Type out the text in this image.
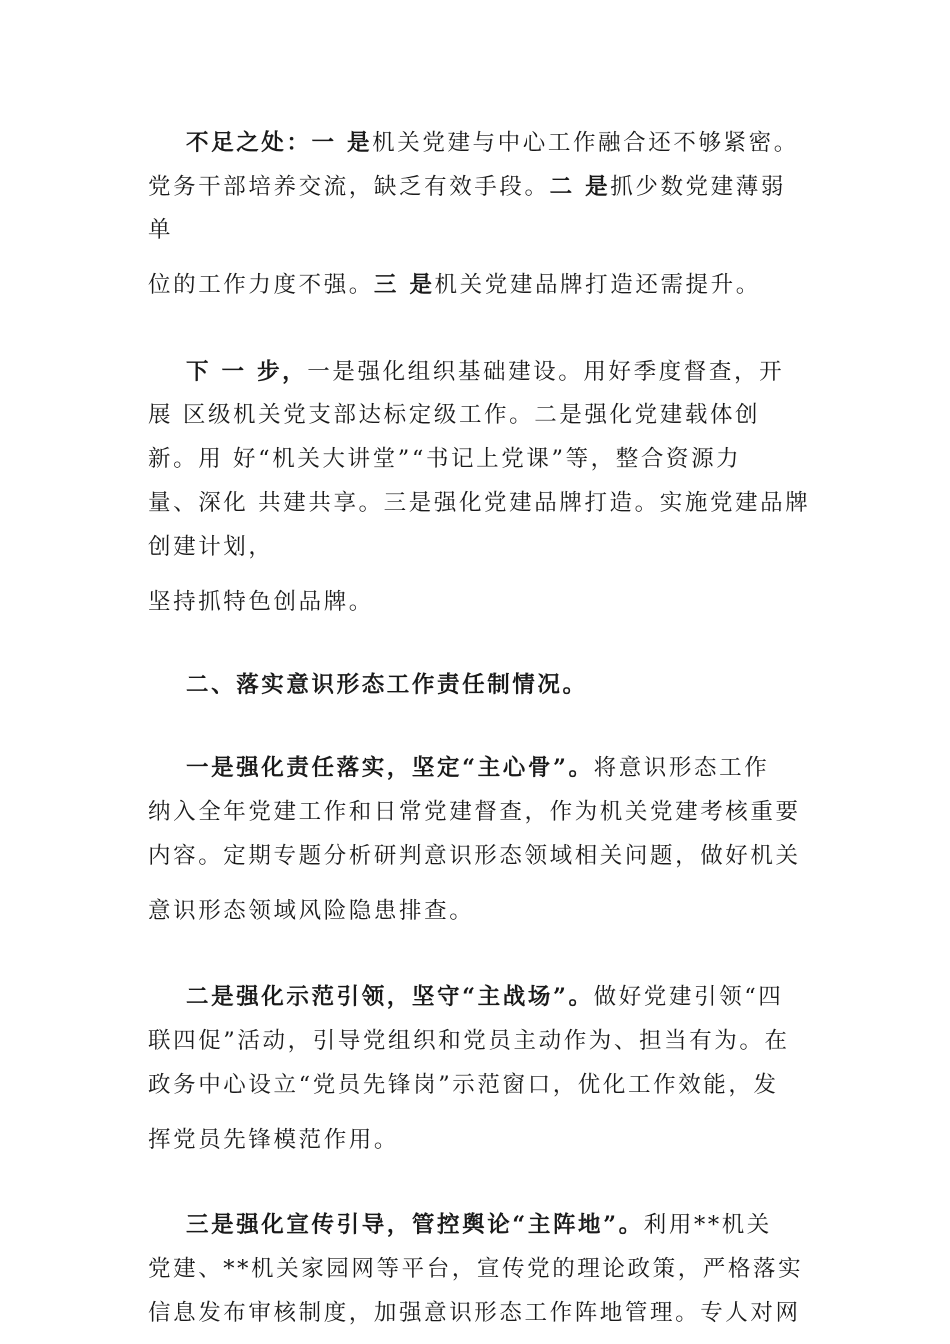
不足之处：一 是机关党建与中心工作融合还不够紧密。
党务干部培养交流，缺乏有效手段。二 是抓少数党建薄弱
单
位的工作力度不强。三 是机关党建品牌打造还需提升。
下 一 步，一是强化组织基础建设。用好季度督查，开
展 区级机关党支部达标定级工作。二是强化党建载体创
新。用 好“机关大讲堂”“书记上党课”等，整合资源力
量、深化 共建共享。三是强化党建品牌打造。实施党建品牌
创建计划，
坚持抓特色创品牌。
二、落实意识形态工作责任制情况。
一是强化责任落实，坚定“主心骨”。将意识形态工作
纳入全年党建工作和日常党建督查，作为机关党建考核重要
内容。定期专题分析研判意识形态领域相关问题，做好机关
意识形态领域风险隐患排查。
二是强化示范引领，坚守“主战场”。做好党建引领“四
联四促”活动，引导党组织和党员主动作为、担当有为。在
政务中心设立“党员先锋岗”示范窗口，优化工作效能，发
挥党员先锋模范作用。
三是强化宣传引导，管控舆论“主阵地”。利用**机关
党建、**机关家园网等平台，宣传党的理论政策，严格落实
信息发布审核制度，加强意识形态工作阵地管理。专人对网
